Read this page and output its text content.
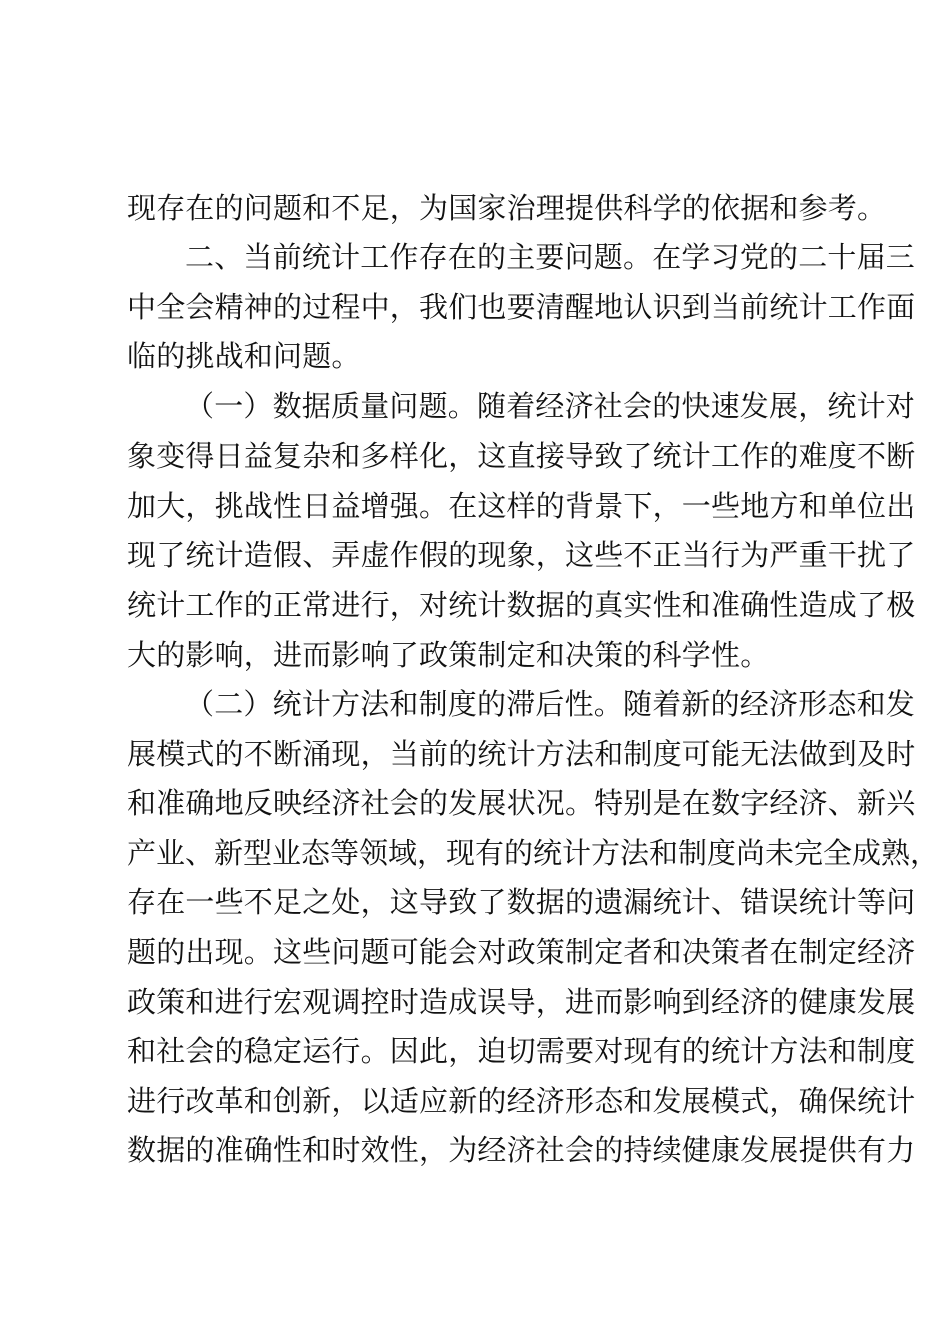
现存在的问题和不足，为国家治理提供科学的依据和参考。
二、当前统计工作存在的主要问题。在学习党的二十届三
中全会精神的过程中，我们也要清醒地认识到当前统计工作面
临的挑战和问题。
（一）数据质量问题。随着经济社会的快速发展，统计对
象变得日益复杂和多样化，这直接导致了统计工作的难度不断
加大，挑战性日益增强。在这样的背景下，一些地方和单位出
现了统计造假、弄虚作假的现象，这些不正当行为严重干扰了
统计工作的正常进行，对统计数据的真实性和准确性造成了极
大的影响，进而影响了政策制定和决策的科学性。
（二）统计方法和制度的滞后性。随着新的经济形态和发
展模式的不断涌现，当前的统计方法和制度可能无法做到及时
和准确地反映经济社会的发展状况。特别是在数字经济、新兴
产业、新型业态等领域，现有的统计方法和制度尚未完全成熟，
存在一些不足之处，这导致了数据的遗漏统计、错误统计等问
题的出现。这些问题可能会对政策制定者和决策者在制定经济
政策和进行宏观调控时造成误导，进而影响到经济的健康发展
和社会的稳定运行。因此，迫切需要对现有的统计方法和制度
进行改革和创新，以适应新的经济形态和发展模式，确保统计
数据的准确性和时效性，为经济社会的持续健康发展提供有力
